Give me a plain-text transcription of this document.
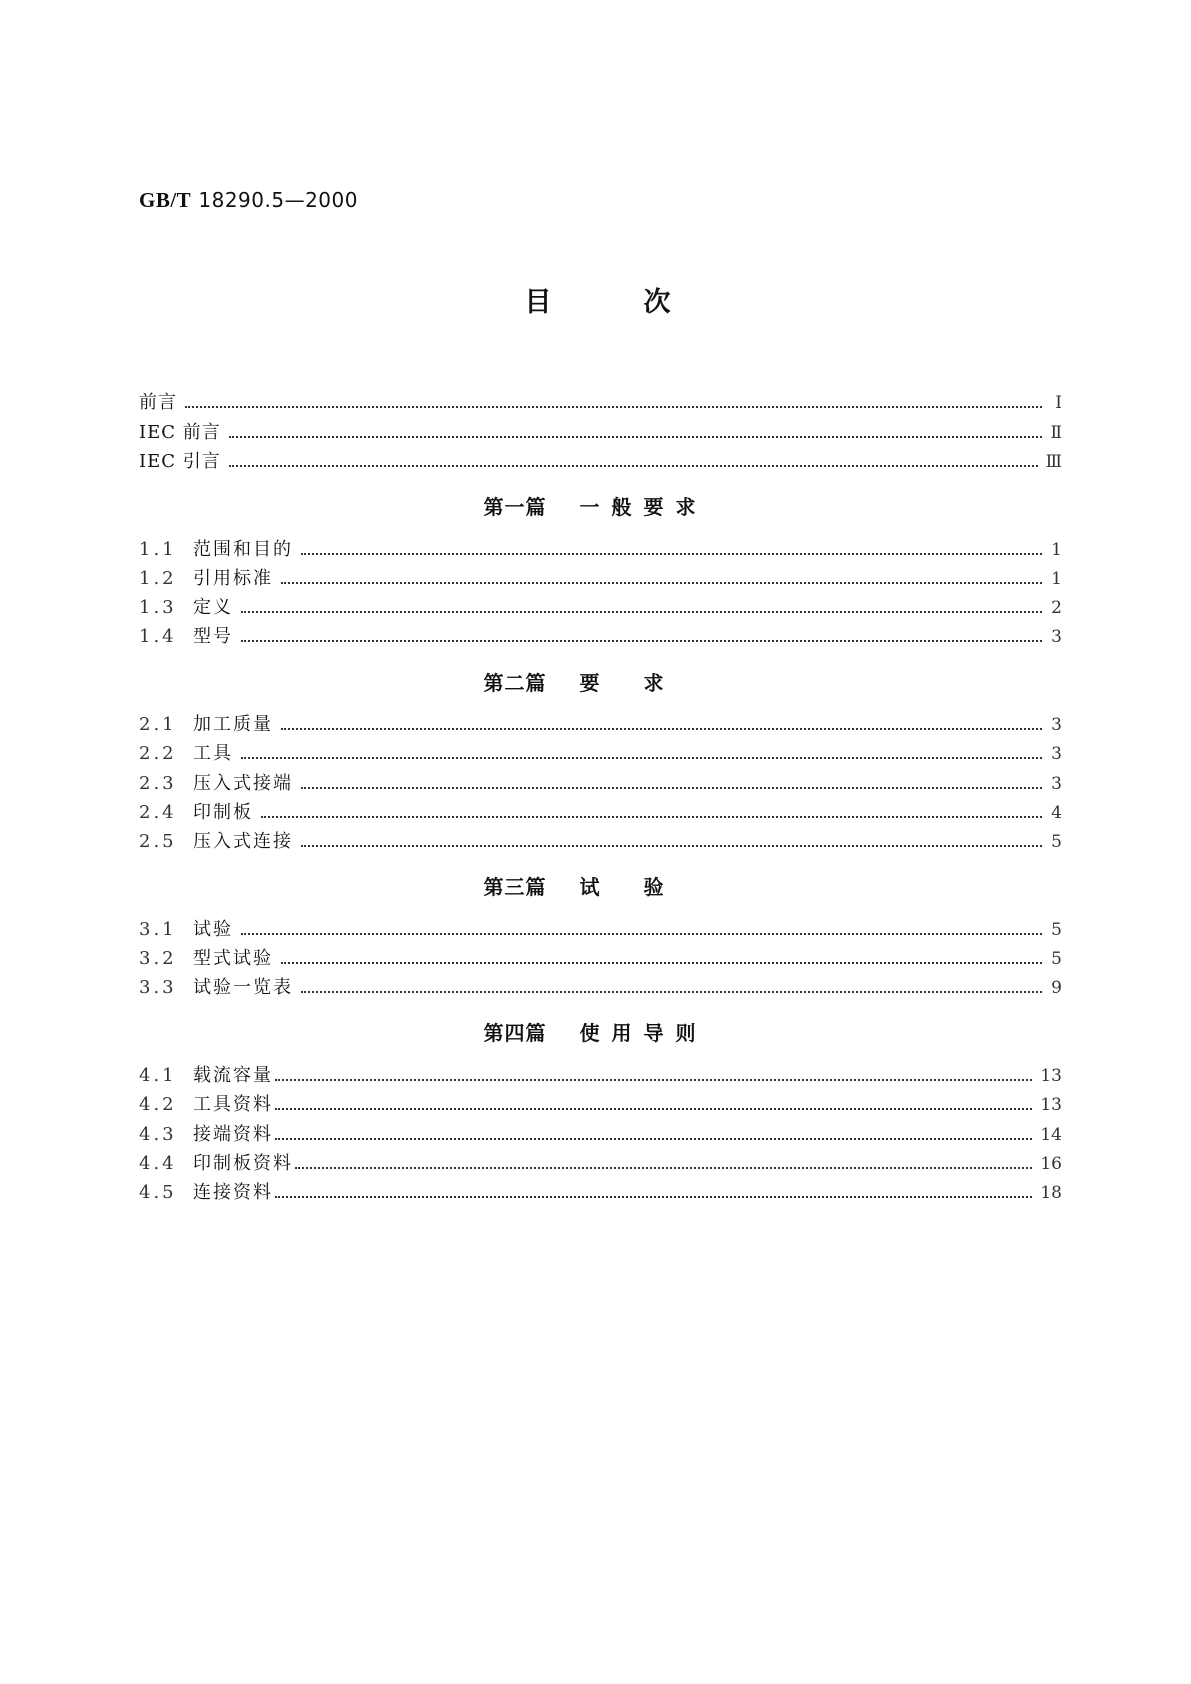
GB/T 18290.5—2000
目次
前言	Ⅰ
IEC 前言	Ⅱ
IEC 引言	Ⅲ
第一篇 一般要求
1.1 范围和目的	1
1.2 引用标准	1
1.3 定义	2
1.4 型号	3
第二篇 要求
2.1 加工质量	3
2.2 工具	3
2.3 压入式接端	3
2.4 印制板	4
2.5 压入式连接	5
第三篇 试验
3.1 试验	5
3.2 型式试验	5
3.3 试验一览表	9
第四篇 使用导则
4.1 载流容量	13
4.2 工具资料	13
4.3 接端资料	14
4.4 印制板资料	16
4.5 连接资料	18
